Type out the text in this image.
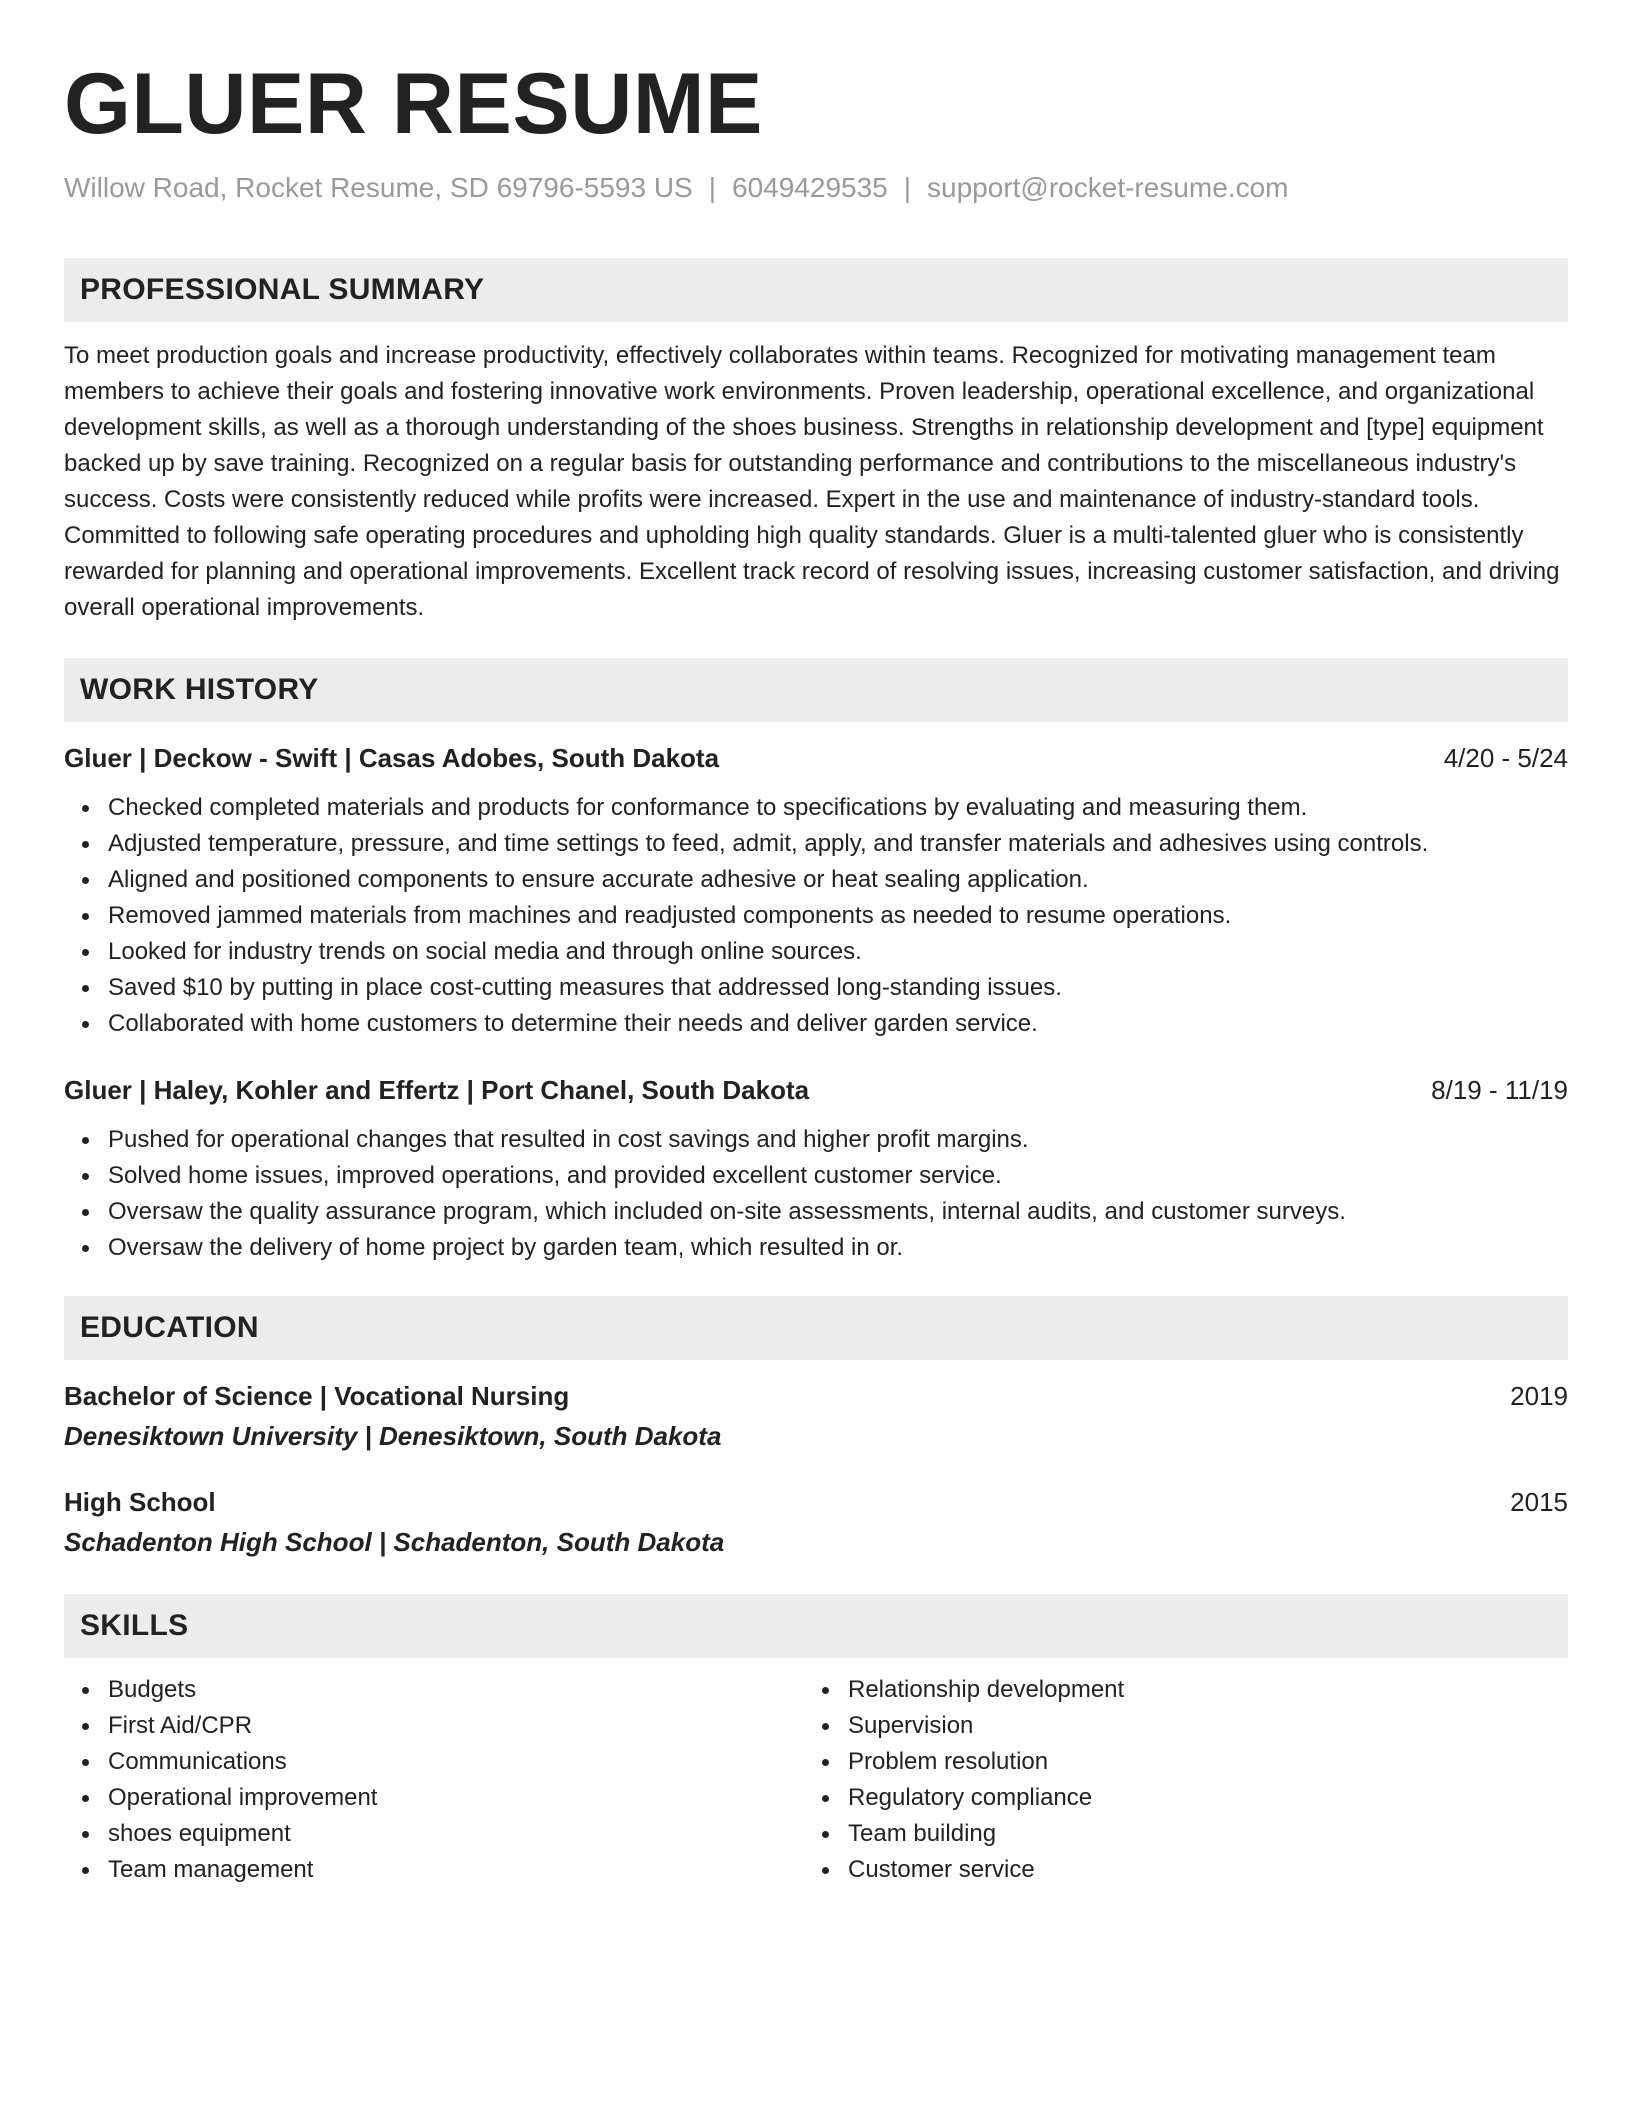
GLUER RESUME
Willow Road, Rocket Resume, SD 69796-5593 US | 6049429535 | support@rocket-resume.com
PROFESSIONAL SUMMARY
To meet production goals and increase productivity, effectively collaborates within teams. Recognized for motivating management team members to achieve their goals and fostering innovative work environments. Proven leadership, operational excellence, and organizational development skills, as well as a thorough understanding of the shoes business. Strengths in relationship development and [type] equipment backed up by save training. Recognized on a regular basis for outstanding performance and contributions to the miscellaneous industry's success. Costs were consistently reduced while profits were increased. Expert in the use and maintenance of industry-standard tools. Committed to following safe operating procedures and upholding high quality standards. Gluer is a multi-talented gluer who is consistently rewarded for planning and operational improvements. Excellent track record of resolving issues, increasing customer satisfaction, and driving overall operational improvements.
WORK HISTORY
Gluer | Deckow - Swift | Casas Adobes, South Dakota	4/20 - 5/24
Checked completed materials and products for conformance to specifications by evaluating and measuring them.
Adjusted temperature, pressure, and time settings to feed, admit, apply, and transfer materials and adhesives using controls.
Aligned and positioned components to ensure accurate adhesive or heat sealing application.
Removed jammed materials from machines and readjusted components as needed to resume operations.
Looked for industry trends on social media and through online sources.
Saved $10 by putting in place cost-cutting measures that addressed long-standing issues.
Collaborated with home customers to determine their needs and deliver garden service.
Gluer | Haley, Kohler and Effertz | Port Chanel, South Dakota	8/19 - 11/19
Pushed for operational changes that resulted in cost savings and higher profit margins.
Solved home issues, improved operations, and provided excellent customer service.
Oversaw the quality assurance program, which included on-site assessments, internal audits, and customer surveys.
Oversaw the delivery of home project by garden team, which resulted in or.
EDUCATION
Bachelor of Science | Vocational Nursing	2019
Denesiktown University | Denesiktown, South Dakota
High School	2015
Schadenton High School | Schadenton, South Dakota
SKILLS
Budgets
First Aid/CPR
Communications
Operational improvement
shoes equipment
Team management
Relationship development
Supervision
Problem resolution
Regulatory compliance
Team building
Customer service
